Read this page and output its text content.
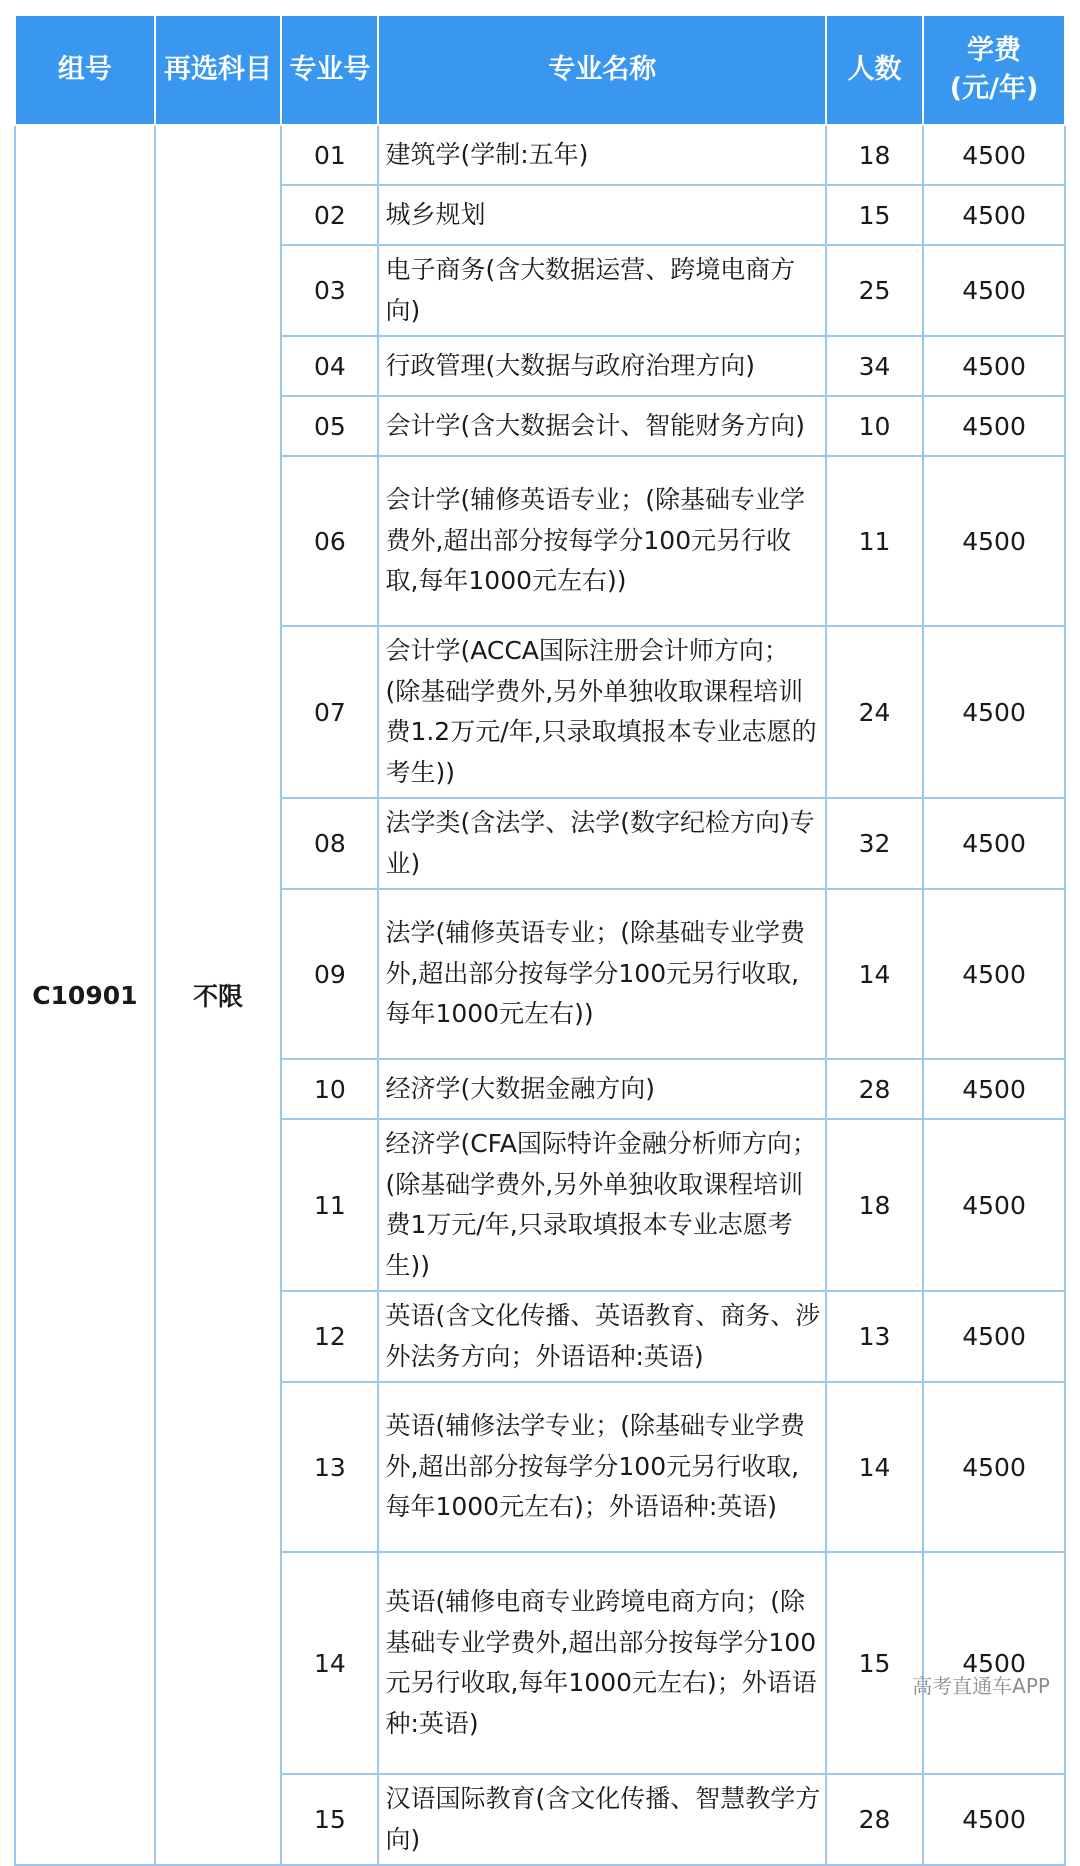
组号	再选科目	专业号	专业名称	人数	学费
(元/年)
C10901	不限	01	建筑学(学制:五年)	18	4500
		02	城乡规划	15	4500
		03	电子商务(含大数据运营、跨境电商方向)	25	4500
		04	行政管理(大数据与政府治理方向)	34	4500
		05	会计学(含大数据会计、智能财务方向)	10	4500
		06	会计学(辅修英语专业；(除基础专业学费外,超出部分按每学分100元另行收取,每年1000元左右))	11	4500
		07	会计学(ACCA国际注册会计师方向；(除基础学费外,另外单独收取课程培训费1.2万元/年,只录取填报本专业志愿的考生))	24	4500
		08	法学类(含法学、法学(数字纪检方向)专业)	32	4500
		09	法学(辅修英语专业；(除基础专业学费外,超出部分按每学分100元另行收取,每年1000元左右))	14	4500
		10	经济学(大数据金融方向)	28	4500
		11	经济学(CFA国际特许金融分析师方向；(除基础学费外,另外单独收取课程培训费1万元/年,只录取填报本专业志愿考生))	18	4500
		12	英语(含文化传播、英语教育、商务、涉外法务方向；外语语种:英语)	13	4500
		13	英语(辅修法学专业；(除基础专业学费外,超出部分按每学分100元另行收取,每年1000元左右)；外语语种:英语)	14	4500
		14	英语(辅修电商专业跨境电商方向；(除基础专业学费外,超出部分按每学分100元另行收取,每年1000元左右)；外语语种:英语)	15	4500
		15	汉语国际教育(含文化传播、智慧教学方向)	28	4500
高考直通车APP
